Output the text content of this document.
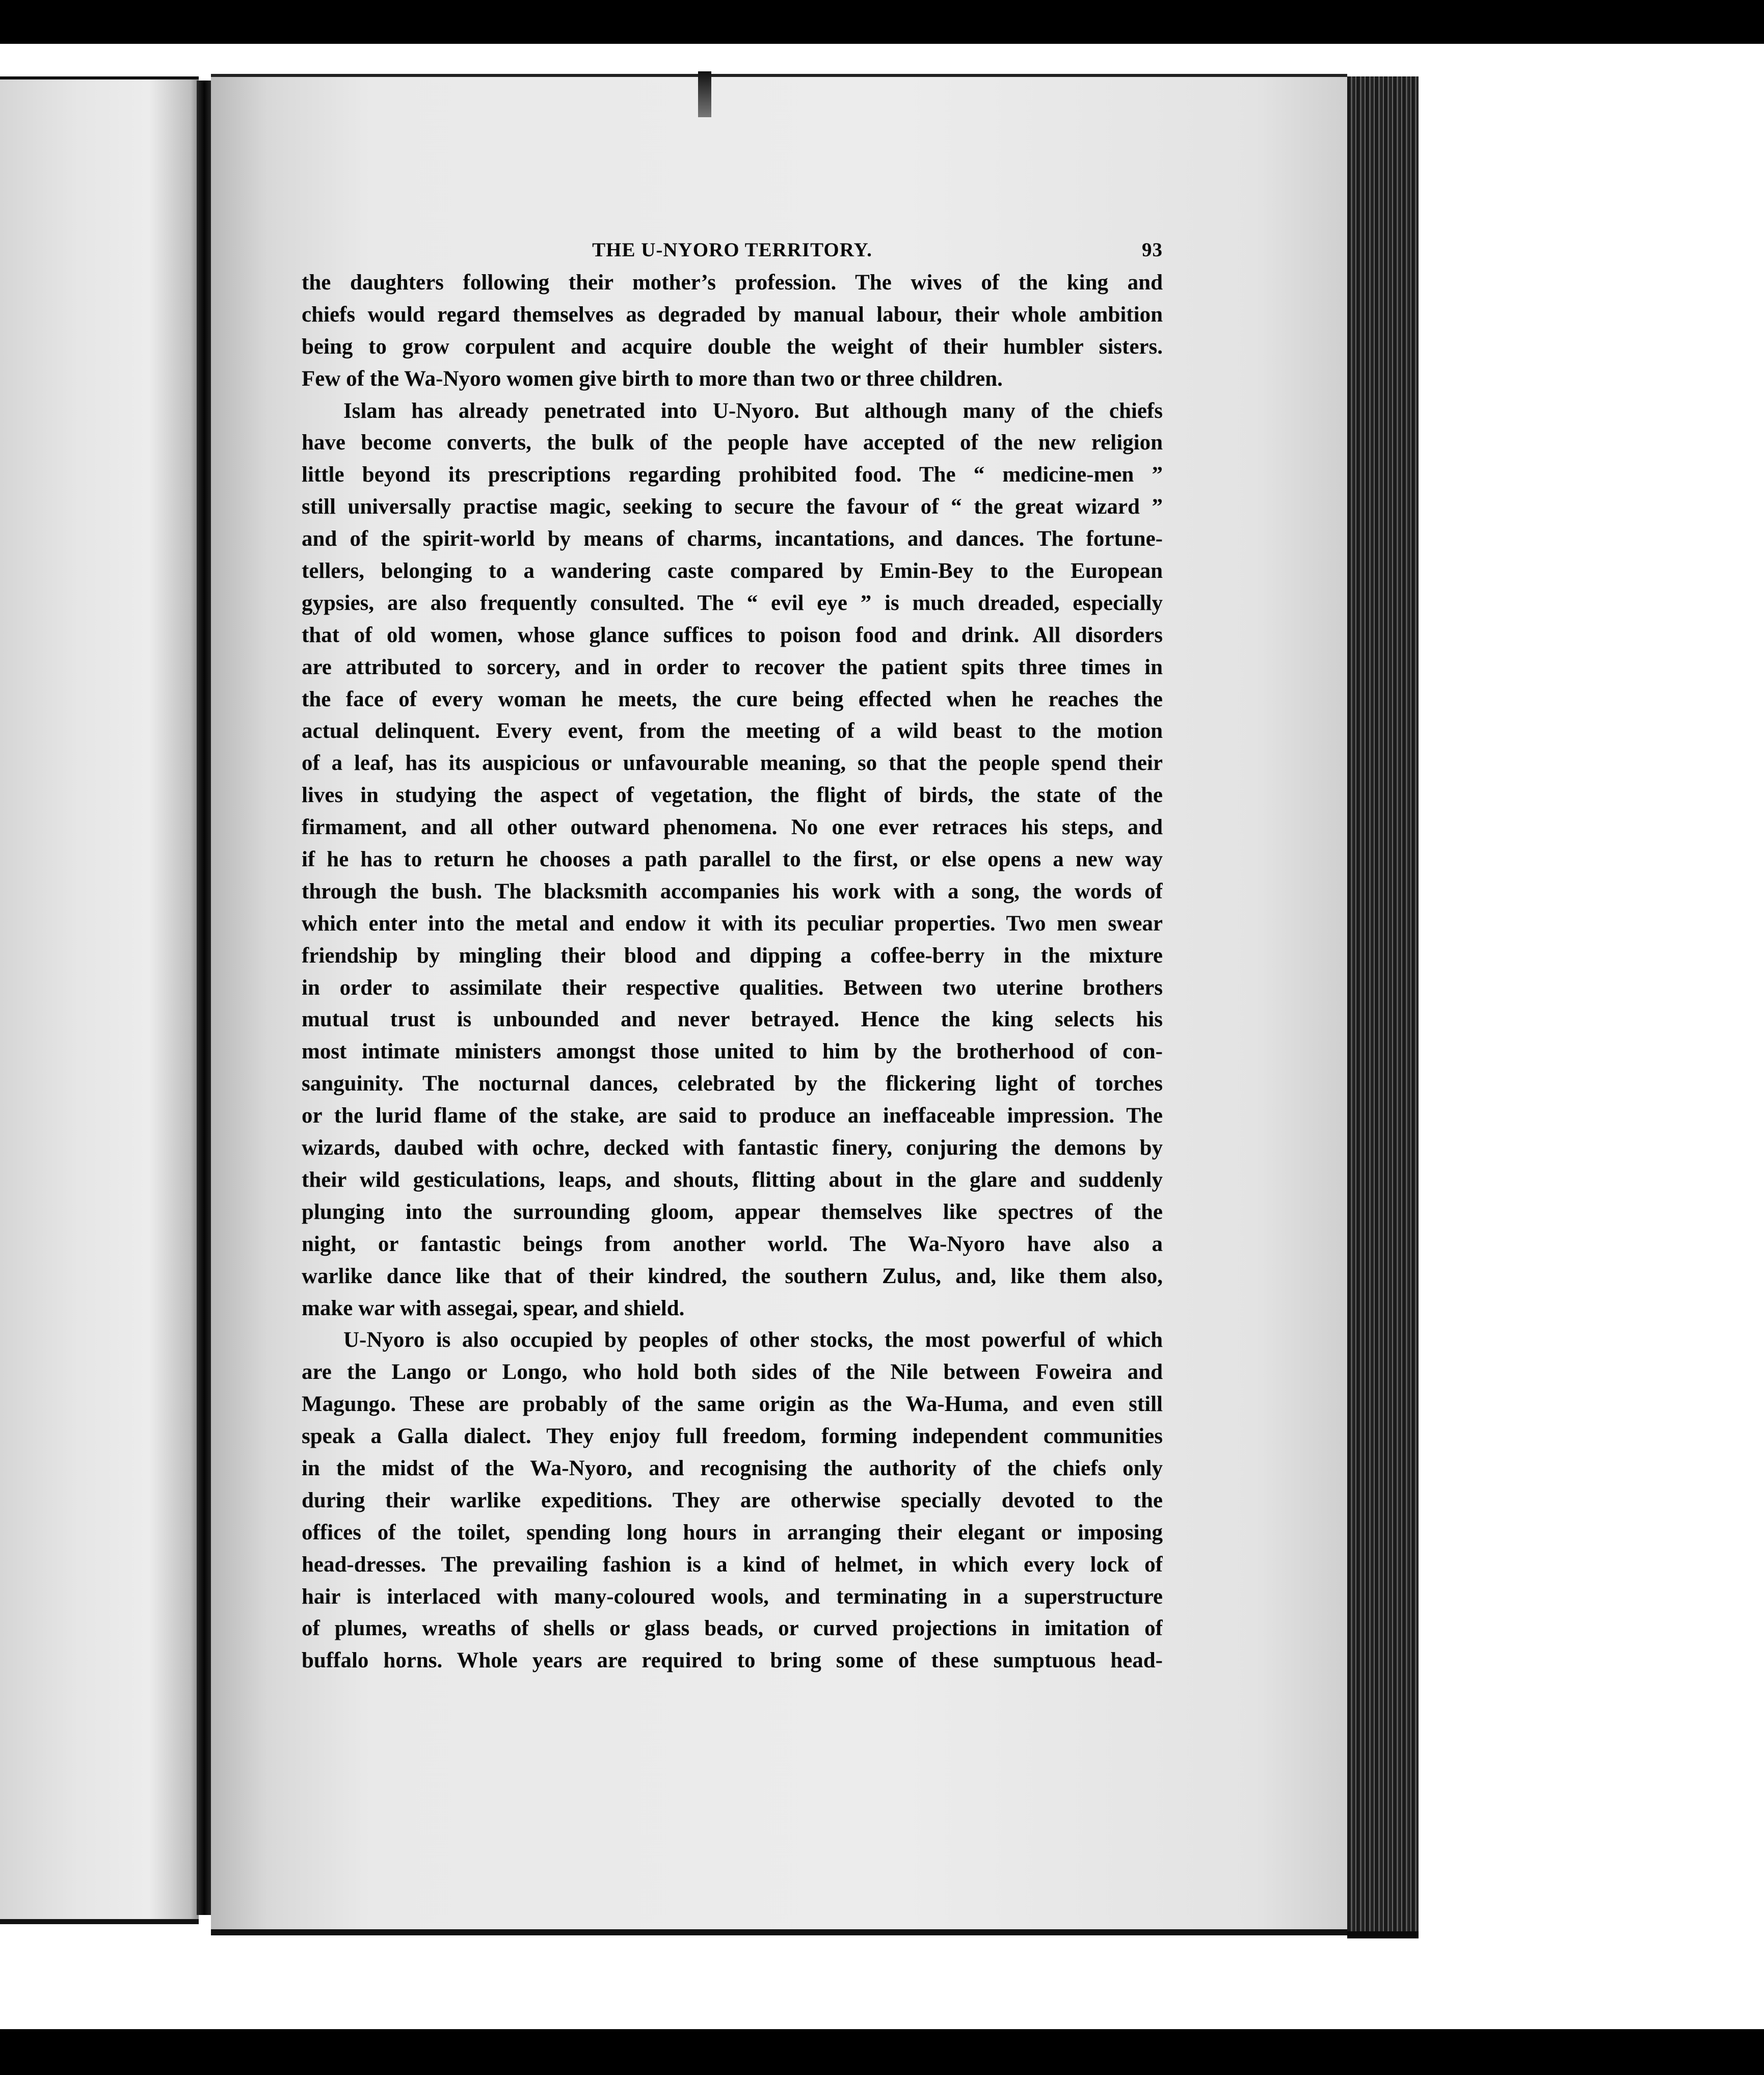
THE U-NYORO TERRITORY.	93
the daughters following their mother’s profession. The wives of the king and
chiefs would regard themselves as degraded by manual labour, their whole ambition
being to grow corpulent and acquire double the weight of their humbler sisters.
Few of the Wa-Nyoro women give birth to more than two or three children.
Islam has already penetrated into U-Nyoro. But although many of the chiefs
have become converts, the bulk of the people have accepted of the new religion
little beyond its prescriptions regarding prohibited food. The “ medicine-men ”
still universally practise magic, seeking to secure the favour of “ the great wizard ”
and of the spirit-world by means of charms, incantations, and dances. The fortune-
tellers, belonging to a wandering caste compared by Emin-Bey to the European
gypsies, are also frequently consulted. The “ evil eye ” is much dreaded, especially
that of old women, whose glance suffices to poison food and drink. All disorders
are attributed to sorcery, and in order to recover the patient spits three times in
the face of every woman he meets, the cure being effected when he reaches the
actual delinquent. Every event, from the meeting of a wild beast to the motion
of a leaf, has its auspicious or unfavourable meaning, so that the people spend their
lives in studying the aspect of vegetation, the flight of birds, the state of the
firmament, and all other outward phenomena. No one ever retraces his steps, and
if he has to return he chooses a path parallel to the first, or else opens a new way
through the bush. The blacksmith accompanies his work with a song, the words of
which enter into the metal and endow it with its peculiar properties. Two men swear
friendship by mingling their blood and dipping a coffee-berry in the mixture
in order to assimilate their respective qualities. Between two uterine brothers
mutual trust is unbounded and never betrayed. Hence the king selects his
most intimate ministers amongst those united to him by the brotherhood of con-
sanguinity. The nocturnal dances, celebrated by the flickering light of torches
or the lurid flame of the stake, are said to produce an ineffaceable impression. The
wizards, daubed with ochre, decked with fantastic finery, conjuring the demons by
their wild gesticulations, leaps, and shouts, flitting about in the glare and suddenly
plunging into the surrounding gloom, appear themselves like spectres of the
night, or fantastic beings from another world. The Wa-Nyoro have also a
warlike dance like that of their kindred, the southern Zulus, and, like them also,
make war with assegai, spear, and shield.
U-Nyoro is also occupied by peoples of other stocks, the most powerful of which
are the Lango or Longo, who hold both sides of the Nile between Foweira and
Magungo. These are probably of the same origin as the Wa-Huma, and even still
speak a Galla dialect. They enjoy full freedom, forming independent communities
in the midst of the Wa-Nyoro, and recognising the authority of the chiefs only
during their warlike expeditions. They are otherwise specially devoted to the
offices of the toilet, spending long hours in arranging their elegant or imposing
head-dresses. The prevailing fashion is a kind of helmet, in which every lock of
hair is interlaced with many-coloured wools, and terminating in a superstructure
of plumes, wreaths of shells or glass beads, or curved projections in imitation of
buffalo horns. Whole years are required to bring some of these sumptuous head-
